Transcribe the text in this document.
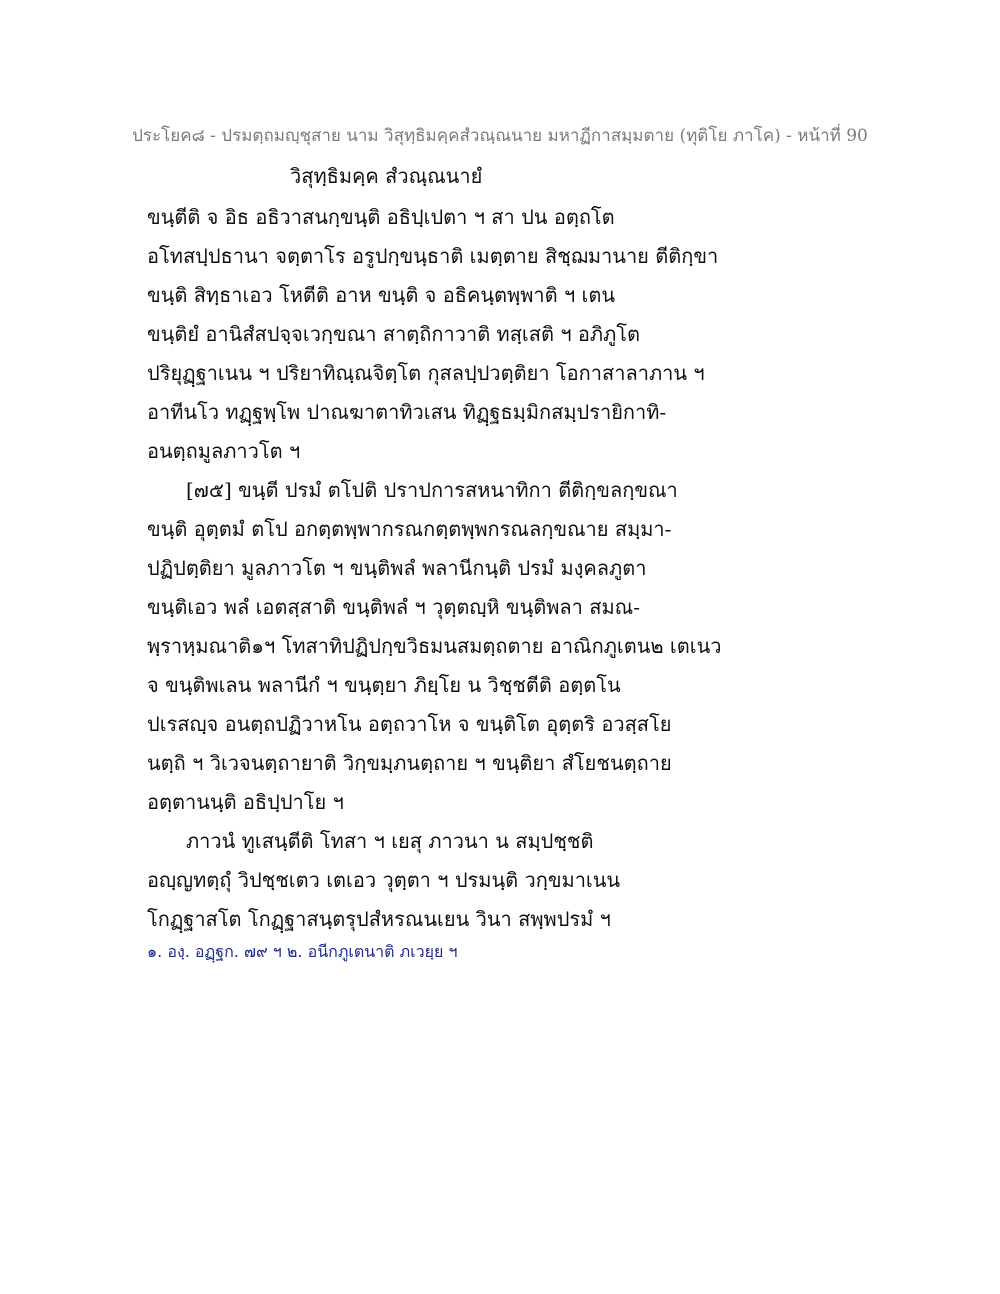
ประโยค๘ - ปรมตฺถมญฺชุสาย นาม วิสุทฺธิมคฺคสํวณฺณนาย มหาฏีกาสมฺมตาย (ทุติโย ภาโค) - หน้าที่ 90
วิสุทฺธิมคฺค สํวณฺณนายํ
ขนฺตีติ จ อิธ อธิวาสนกฺขนฺติ อธิปฺเปตา ฯ สา ปน อตฺถโต
อโทสปฺปธานา จตฺตาโร อรูปกฺขนฺธาติ เมตฺตาย สิชฺฌมานาย ตีติกฺขา
ขนฺติ สิทฺธาเอว โหตีติ อาห ขนฺติ จ อธิคนฺตพฺพาติ ฯ เตน
ขนฺติยํ อานิสํสปจฺจเวกฺขณา สาตฺถิกาวาติ ทสฺเสติ ฯ อภิภูโต
ปริยุฏฺฐาเนน ฯ ปริยาทิณฺณจิตฺโต กุสลปฺปวตฺติยา โอกาสาลาภาน ฯ
อาทีนโว ทฏฺฐพฺโพ ปาณฆาตาทิวเสน ทิฏฺฐธมฺมิกสมฺปรายิกาทิ-
อนตฺถมูลภาวโต ฯ
[๗๕] ขนฺตี ปรมํ ตโปติ ปราปการสหนาทิกา ตีติกฺขลกฺขณา
ขนฺติ อุตฺตมํ ตโป อกตฺตพฺพากรณกตฺตพฺพกรณลกฺขณาย สมฺมา-
ปฏิปตฺติยา มูลภาวโต ฯ ขนฺติพลํ พลานีกนฺติ ปรมํ มงฺคลภูตา
ขนฺติเอว พลํ เอตสฺสาติ ขนฺติพลํ ฯ วุตฺตญฺหิ ขนฺติพลา สมณ-
พฺราหฺมณาติ๑ฯ โทสาทิปฏิปกฺขวิธมนสมตฺถตาย อาณิกภูเตน๒ เตเนว
จ ขนฺติพเลน พลานีกํ ฯ ขนฺตฺยา ภิยฺโย น วิชฺชตีติ อตฺตโน
ปเรสญฺจ อนตฺถปฏิวาหโน อตฺถวาโห จ ขนฺติโต อุตฺตริ อวสฺสโย
นตฺถิ ฯ วิเวจนตฺถายาติ วิกฺขมฺภนตฺถาย ฯ ขนฺติยา สํโยชนตฺถาย
อตฺตานนฺติ อธิปฺปาโย ฯ
ภาวนํ ทูเสนฺตีติ โทสา ฯ เยสุ ภาวนา น สมฺปชฺชติ
อญฺญทตฺถุํ วิปชฺชเตว เตเอว วุตฺตา ฯ ปรมนฺติ วกฺขมาเนน
โกฏฺฐาสโต โกฏฺฐาสนฺตรุปสํหรณนเยน วินา สพฺพปรมํ ฯ
๑. องฺ. อฏฺฐก. ๗๙ ฯ ๒. อนีกภูเตนาติ ภเวยฺย ฯ
